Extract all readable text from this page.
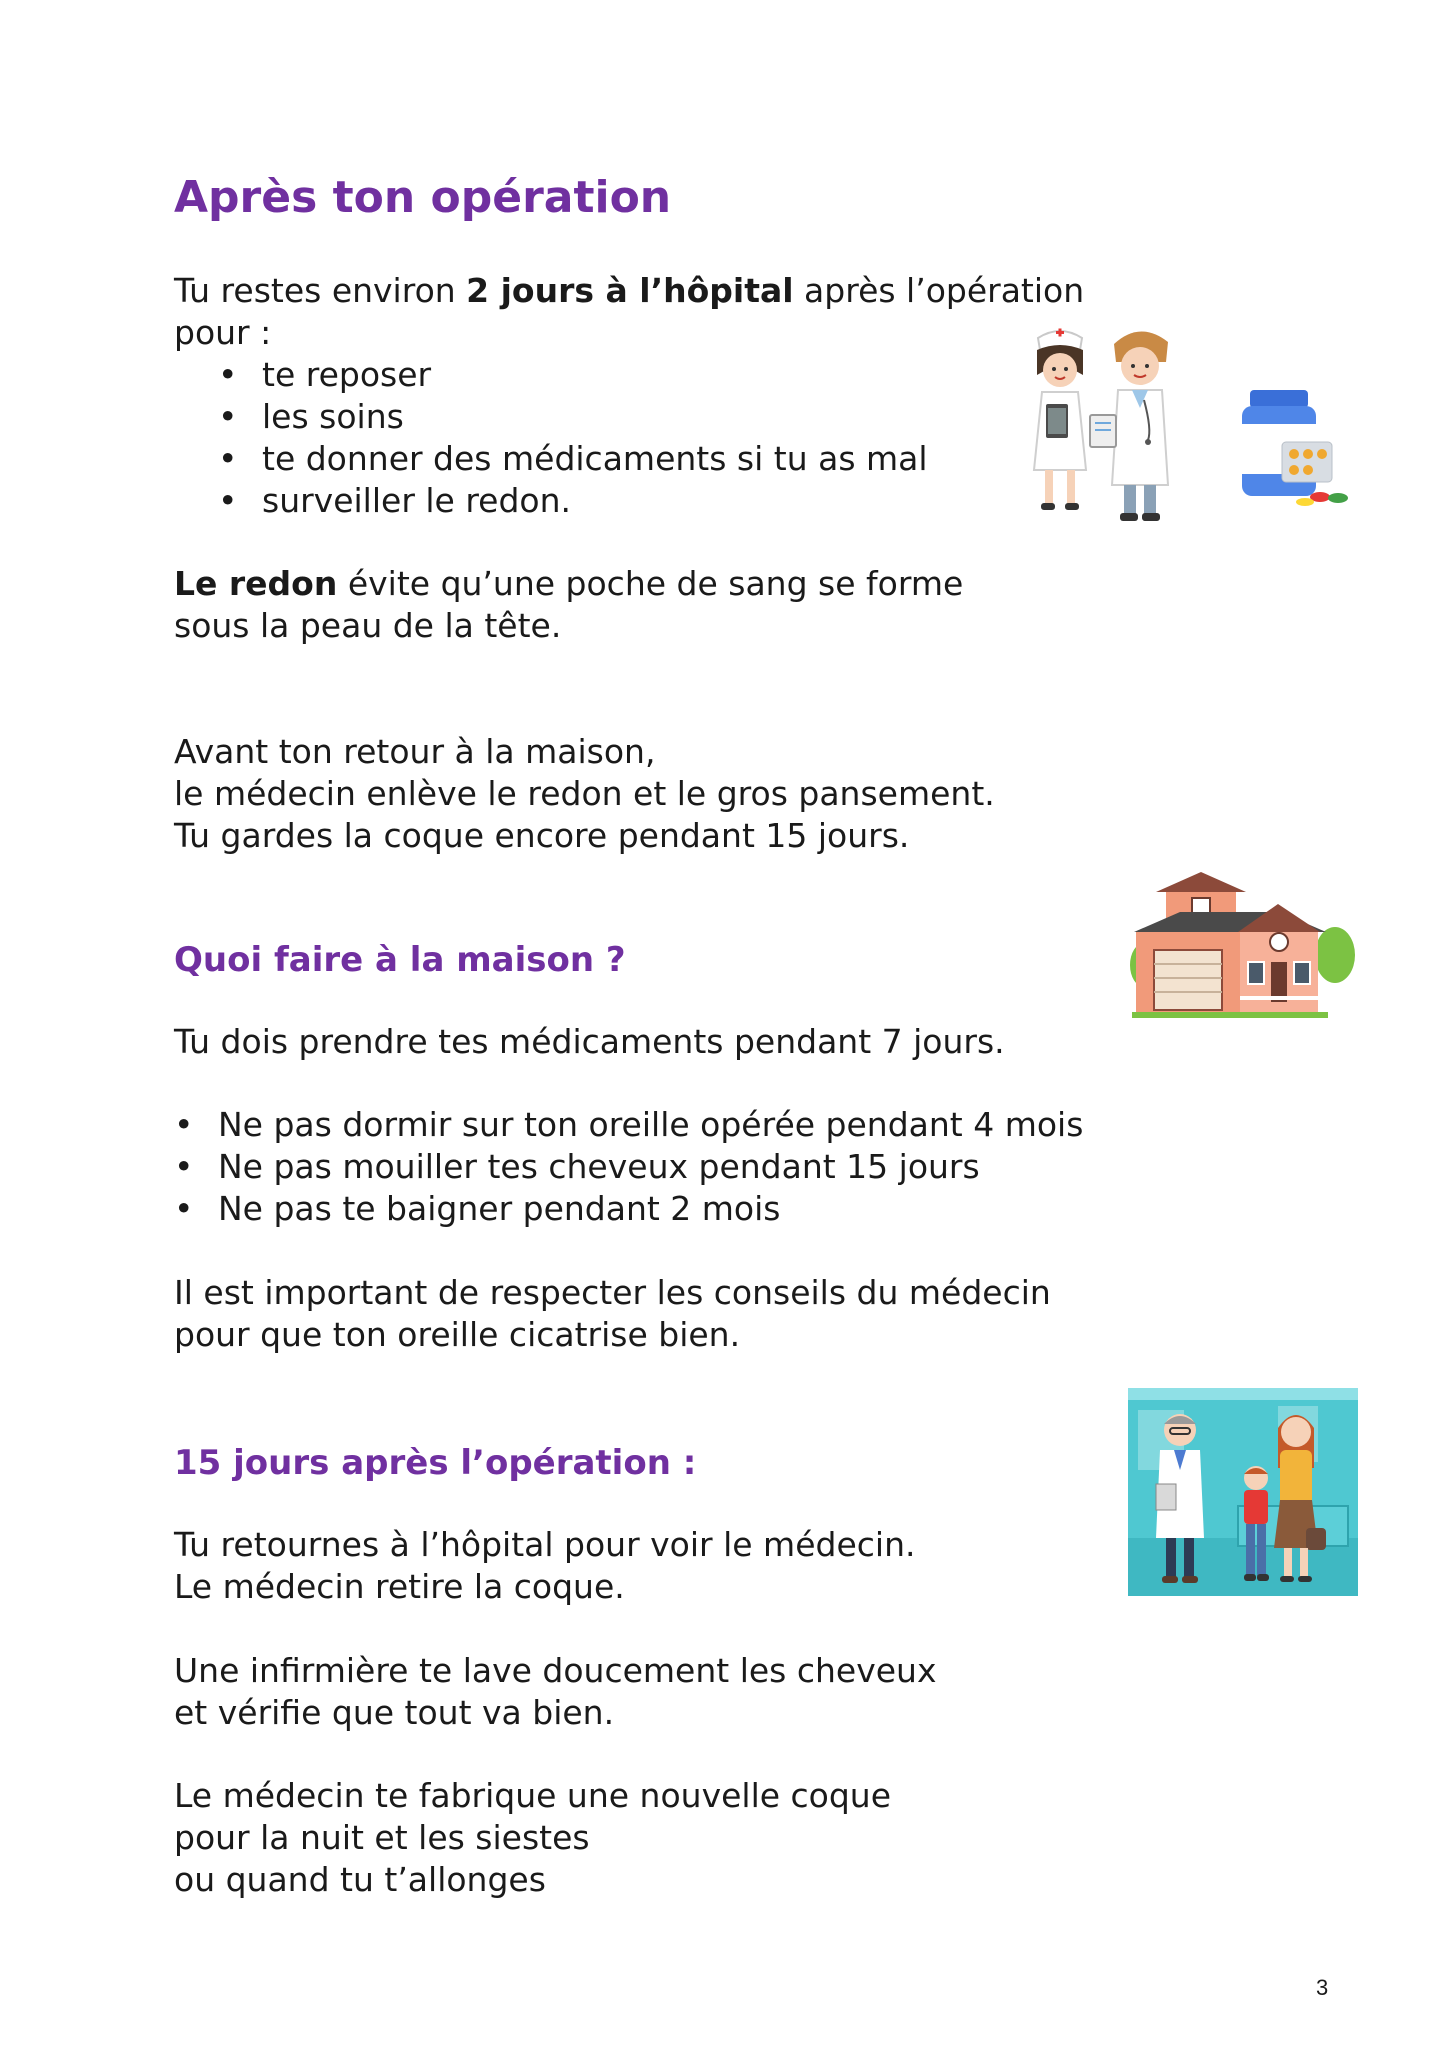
Après ton opération
Tu restes environ 2 jours à l’hôpital après l’opération
pour :
• te reposer
• les soins
• te donner des médicaments si tu as mal
• surveiller le redon.
Le redon évite qu’une poche de sang se forme
sous la peau de la tête.
Avant ton retour à la maison,
le médecin enlève le redon et le gros pansement.
Tu gardes la coque encore pendant 15 jours.
Quoi faire à la maison ?
Tu dois prendre tes médicaments pendant 7 jours.
• Ne pas dormir sur ton oreille opérée pendant 4 mois
• Ne pas mouiller tes cheveux pendant 15 jours
• Ne pas te baigner pendant 2 mois
Il est important de respecter les conseils du médecin
pour que ton oreille cicatrise bien.
15 jours après l’opération :
Tu retournes à l’hôpital pour voir le médecin.
Le médecin retire la coque.
Une infirmière te lave doucement les cheveux
et vérifie que tout va bien.
Le médecin te fabrique une nouvelle coque
pour la nuit et les siestes
ou quand tu t’allonges
3
